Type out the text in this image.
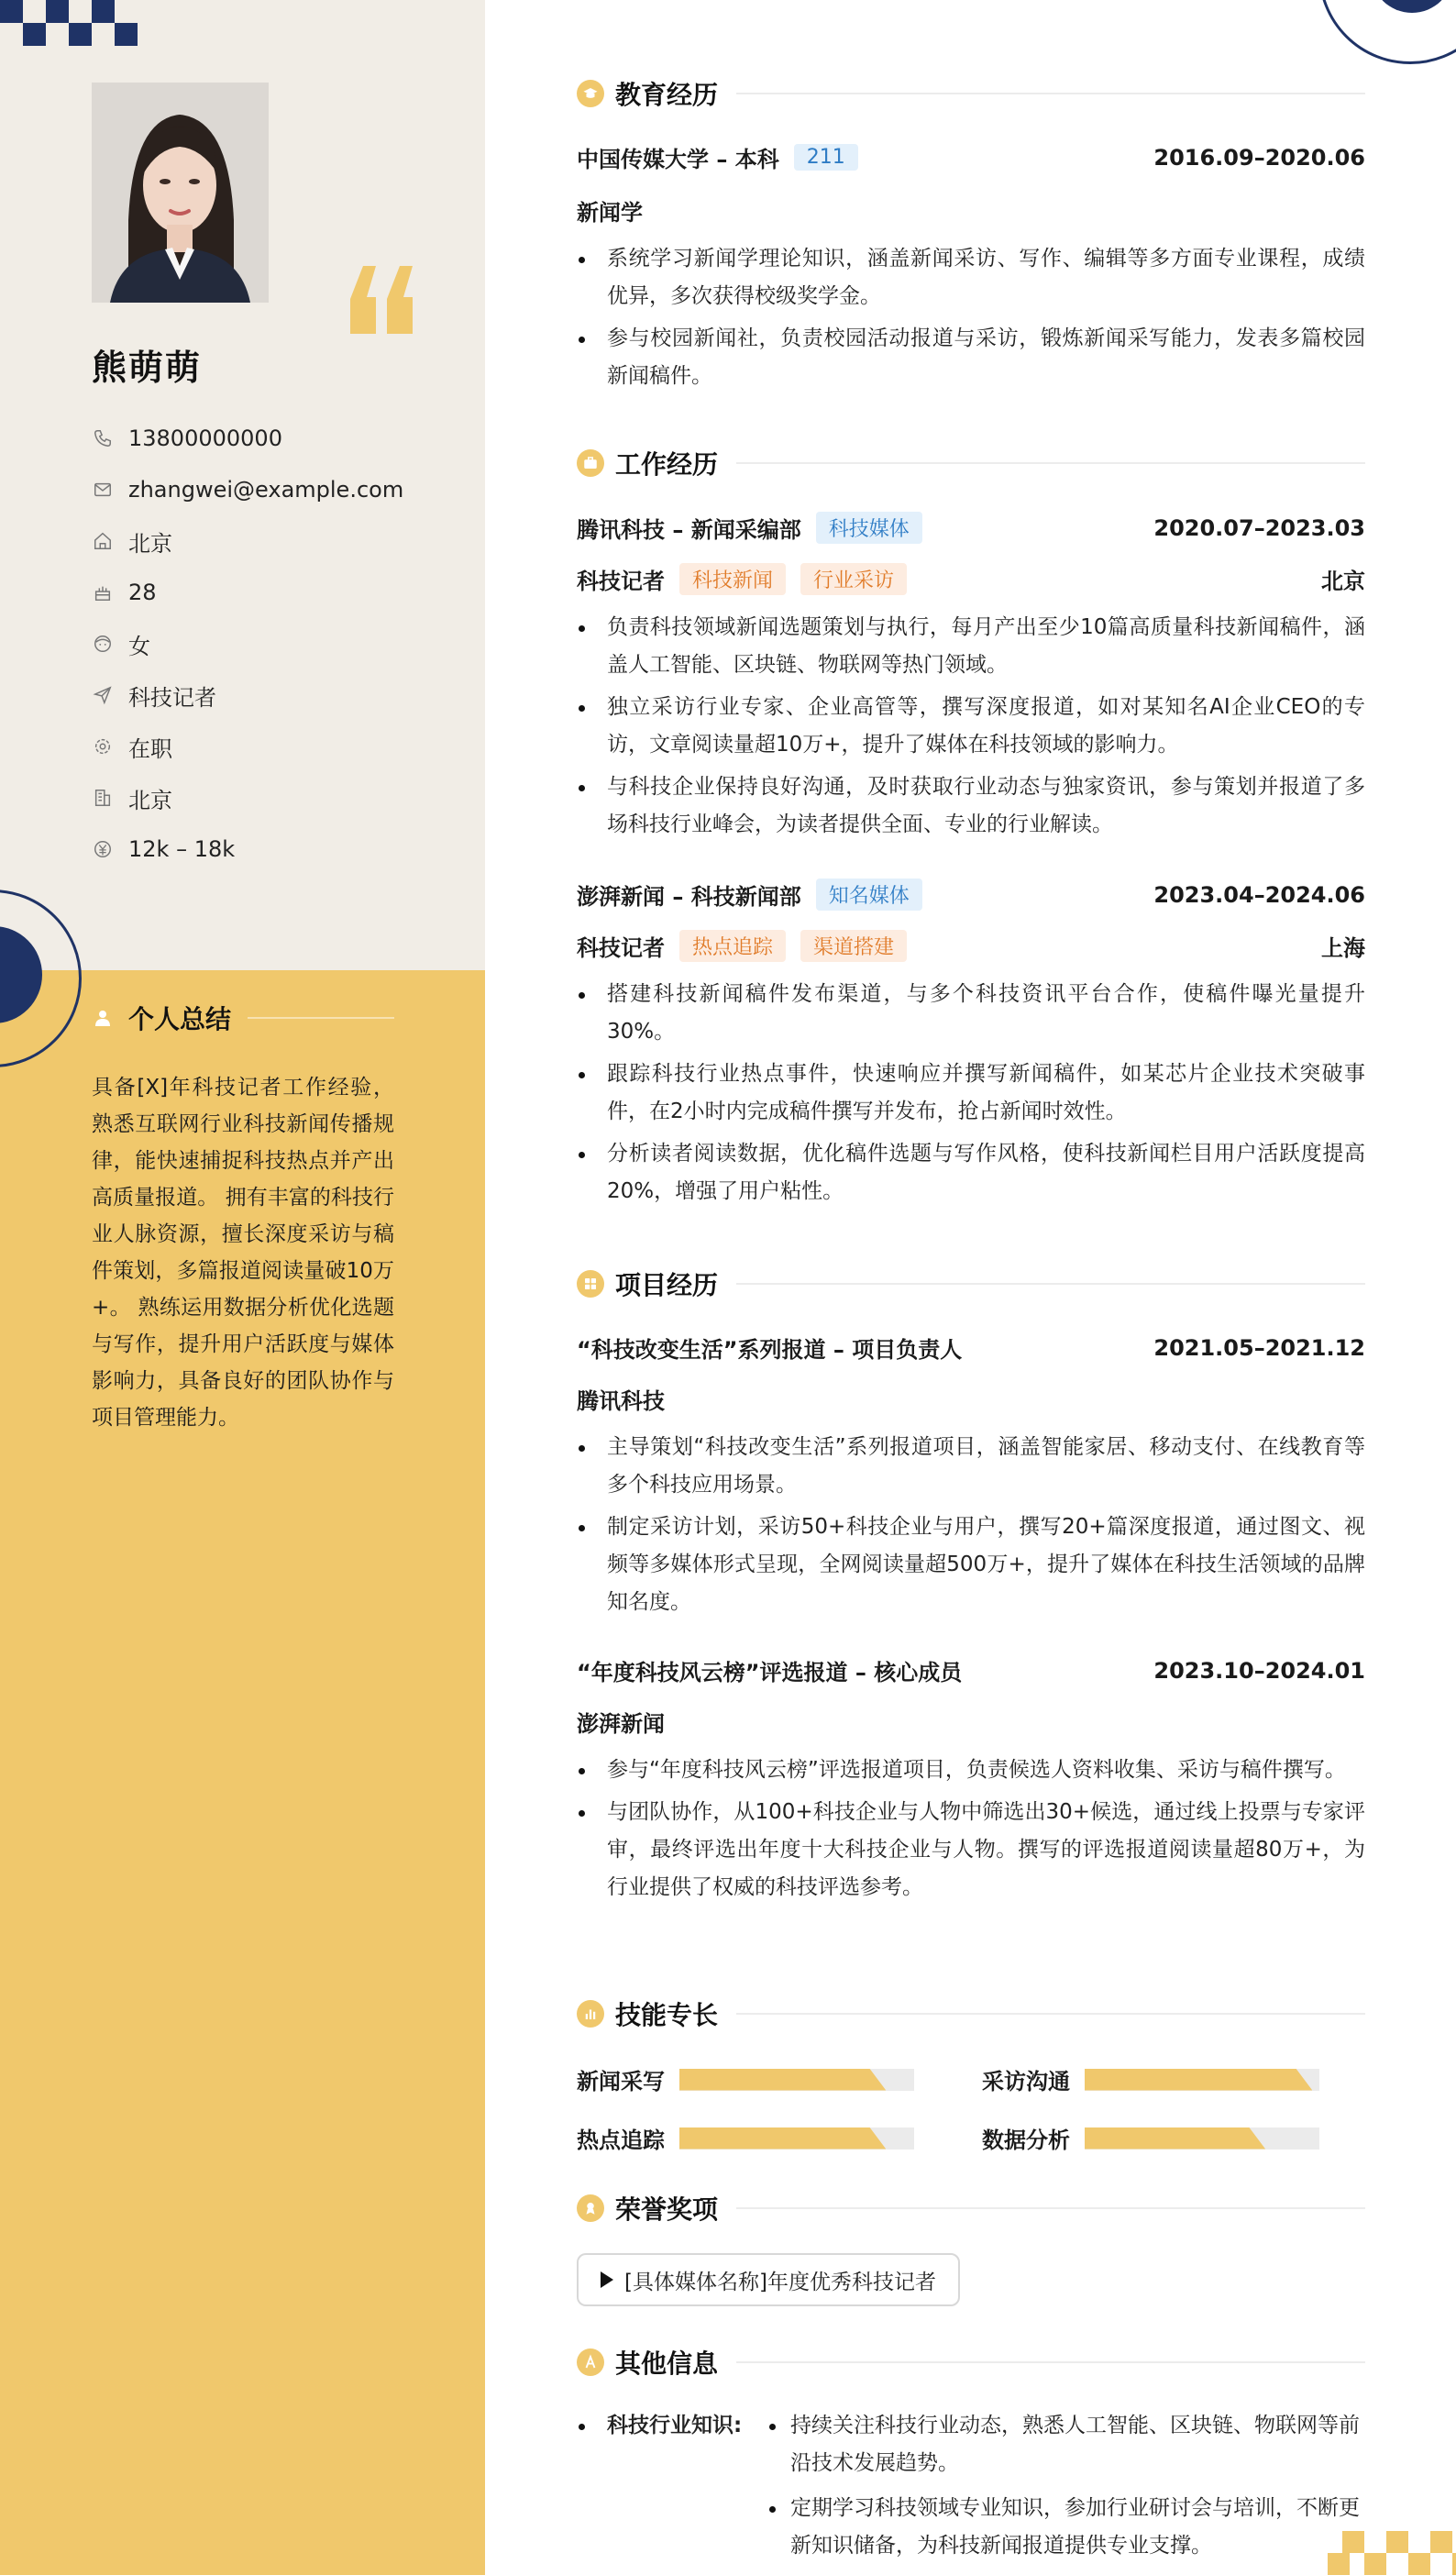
熊萌萌
13800000000
zhangwei@example.com
北京
28
女
科技记者
在职
北京
12k – 18k
个人总结
具备[X]年科技记者工作经验，熟悉互联网行业科技新闻传播规律，能快速捕捉科技热点并产出高质量报道。 拥有丰富的科技行业人脉资源，擅长深度采访与稿件策划，多篇报道阅读量破10万+。 熟练运用数据分析优化选题与写作，提升用户活跃度与媒体影响力，具备良好的团队协作与项目管理能力。
教育经历
中国传媒大学 – 本科	211	2016.09–2020.06
新闻学
系统学习新闻学理论知识，涵盖新闻采访、写作、编辑等多方面专业课程，成绩优异，多次获得校级奖学金。
参与校园新闻社，负责校园活动报道与采访，锻炼新闻采写能力，发表多篇校园新闻稿件。
工作经历
腾讯科技 – 新闻采编部	科技媒体	2020.07–2023.03
科技记者	科技新闻	行业采访	北京
负责科技领域新闻选题策划与执行，每月产出至少10篇高质量科技新闻稿件，涵盖人工智能、区块链、物联网等热门领域。
独立采访行业专家、企业高管等，撰写深度报道，如对某知名AI企业CEO的专访，文章阅读量超10万+，提升了媒体在科技领域的影响力。
与科技企业保持良好沟通，及时获取行业动态与独家资讯，参与策划并报道了多场科技行业峰会，为读者提供全面、专业的行业解读。
澎湃新闻 – 科技新闻部	知名媒体	2023.04–2024.06
科技记者	热点追踪	渠道搭建	上海
搭建科技新闻稿件发布渠道，与多个科技资讯平台合作，使稿件曝光量提升30%。
跟踪科技行业热点事件，快速响应并撰写新闻稿件，如某芯片企业技术突破事件，在2小时内完成稿件撰写并发布，抢占新闻时效性。
分析读者阅读数据，优化稿件选题与写作风格，使科技新闻栏目用户活跃度提高20%，增强了用户粘性。
项目经历
“科技改变生活”系列报道 – 项目负责人	2021.05–2021.12
腾讯科技
主导策划“科技改变生活”系列报道项目，涵盖智能家居、移动支付、在线教育等多个科技应用场景。
制定采访计划，采访50+科技企业与用户，撰写20+篇深度报道，通过图文、视频等多媒体形式呈现，全网阅读量超500万+，提升了媒体在科技生活领域的品牌知名度。
“年度科技风云榜”评选报道 – 核心成员	2023.10–2024.01
澎湃新闻
参与“年度科技风云榜”评选报道项目，负责候选人资料收集、采访与稿件撰写。
与团队协作，从100+科技企业与人物中筛选出30+候选，通过线上投票与专家评审，最终评选出年度十大科技企业与人物。撰写的评选报道阅读量超80万+，为行业提供了权威的科技评选参考。
技能专长
新闻采写	采访沟通
热点追踪	数据分析
荣誉奖项
[具体媒体名称]年度优秀科技记者
其他信息
科技行业知识:	持续关注科技行业动态，熟悉人工智能、区块链、物联网等前沿技术发展趋势。
定期学习科技领域专业知识，参加行业研讨会与培训，不断更新知识储备，为科技新闻报道提供专业支撑。
